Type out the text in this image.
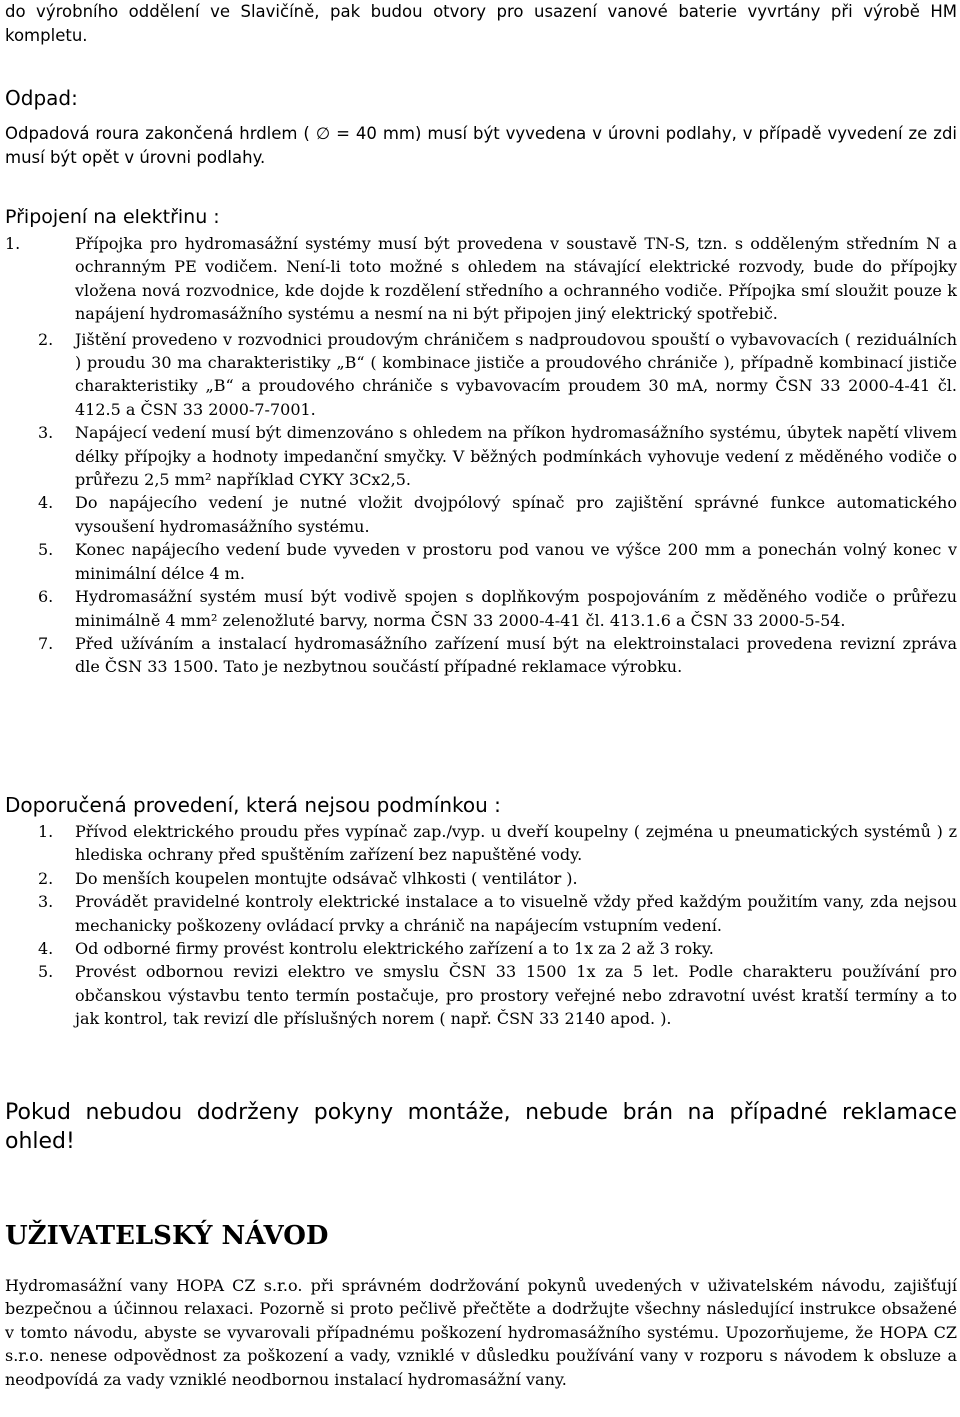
do výrobního oddělení ve Slavičíně, pak budou otvory pro usazení vanové baterie vyvrtány při výrobě HM kompletu.

Odpad:

Odpadová roura zakončená hrdlem ( ∅ = 40 mm) musí být vyvedena v úrovni podlahy, v případě vyvedení ze zdi musí být opět v úrovni podlahy.

Připojení na elektřinu :

1.	Přípojka pro hydromasážní systémy musí být provedena v soustavě TN-S, tzn. s odděleným středním N a ochranným PE vodičem. Není-li toto možné s ohledem na stávající elektrické rozvody, bude do přípojky vložena nová rozvodnice, kde dojde k rozdělení středního a ochranného vodiče. Přípojka smí sloužit pouze k napájení hydromasážního systému a nesmí na ni být připojen jiný elektrický spotřebič.
2.	Jištění provedeno v rozvodnici proudovým chráničem s nadproudovou spouští o vybavovacích ( reziduálních ) proudu 30 ma charakteristiky „B“ ( kombinace jističe a proudového chrániče ), případně kombinací jističe charakteristiky „B“ a proudového chrániče s vybavovacím proudem 30 mA, normy ČSN 33 2000-4-41 čl. 412.5 a ČSN 33 2000-7-7001.
3.	Napájecí vedení musí být dimenzováno s ohledem na příkon hydromasážního systému, úbytek napětí vlivem délky přípojky a hodnoty impedanční smyčky. V běžných podmínkách vyhovuje vedení z měděného vodiče o průřezu 2,5 mm² například CYKY 3Cx2,5.
4.	Do napájecího vedení je nutné vložit dvojpólový spínač pro zajištění správné funkce automatického vysoušení hydromasážního systému.
5.	Konec napájecího vedení bude vyveden v prostoru pod vanou ve výšce 200 mm a ponechán volný konec v minimální délce 4 m.
6.	Hydromasážní systém musí být vodivě spojen s doplňkovým pospojováním z měděného vodiče o průřezu minimálně 4 mm² zelenožluté barvy, norma ČSN 33 2000-4-41 čl. 413.1.6 a ČSN 33 2000-5-54.
7.	Před užíváním a instalací hydromasážního zařízení musí být na elektroinstalaci provedena revizní zpráva dle ČSN 33 1500. Tato je nezbytnou součástí případné reklamace výrobku.

Doporučená provedení, která nejsou podmínkou :

1.	Přívod elektrického proudu přes vypínač zap./vyp. u dveří koupelny ( zejména u pneumatických systémů ) z hlediska ochrany před spuštěním zařízení bez napuštěné vody.
2.	Do menších koupelen montujte odsávač vlhkosti ( ventilátor ).
3.	Provádět pravidelné kontroly elektrické instalace a to visuelně vždy před každým použitím vany, zda nejsou mechanicky poškozeny ovládací prvky a chránič na napájecím vstupním vedení.
4.	Od odborné firmy provést kontrolu elektrického zařízení a to 1x za 2 až 3 roky.
5.	Provést odbornou revizi elektro ve smyslu ČSN 33 1500 1x za 5 let. Podle charakteru používání pro občanskou výstavbu tento termín postačuje, pro prostory veřejné nebo zdravotní uvést kratší termíny a to jak kontrol, tak revizí dle příslušných norem ( např. ČSN 33 2140 apod. ).
Pokud nebudou dodrženy pokyny montáže, nebude brán na případné reklamace ohled!
UŽIVATELSKÝ NÁVOD
Hydromasážní vany HOPA CZ s.r.o. při správném dodržování pokynů uvedených v uživatelském návodu, zajišťují bezpečnou a účinnou relaxaci. Pozorně si proto pečlivě přečtěte a dodržujte všechny následující instrukce obsažené v tomto návodu, abyste se vyvarovali případnému poškození hydromasážního systému. Upozorňujeme, že HOPA CZ s.r.o. nenese odpovědnost za poškození a vady, vzniklé v důsledku používání vany v rozporu s návodem k obsluze a neodpovídá za vady vzniklé neodbornou instalací hydromasážní vany.
